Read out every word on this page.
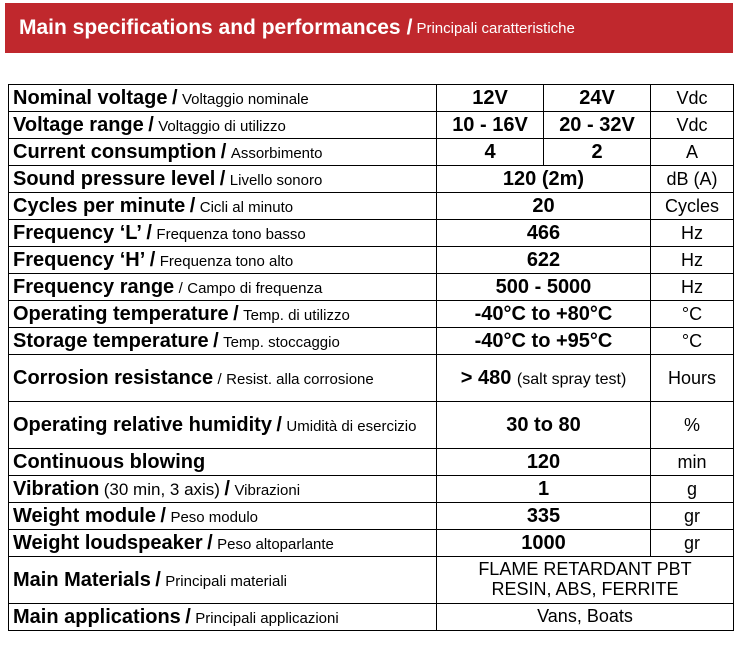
Main specifications and performances / Principali caratteristiche
Nominal voltage / Voltaggio nominale	12V	24V	Vdc
Voltage range / Voltaggio di utilizzo	10 - 16V	20 - 32V	Vdc
Current consumption / Assorbimento	4	2	A
Sound pressure level / Livello sonoro	120 (2m)		dB (A)
Cycles per minute / Cicli al minuto	20		Cycles
Frequency ‘L’ / Frequenza tono basso	466		Hz
Frequency ‘H’ / Frequenza tono alto	622		Hz
Frequency range / Campo di frequenza	500 - 5000		Hz
Operating temperature / Temp. di utilizzo	-40°C to +80°C		°C
Storage temperature / Temp. stoccaggio	-40°C to +95°C		°C
Corrosion resistance / Resist. alla corrosione	> 480 (salt spray test)		Hours
Operating relative humidity / Umidità di esercizio	30 to 80		%
Continuous blowing	120		min
Vibration (30 min, 3 axis) / Vibrazioni	1		g
Weight module / Peso modulo	335		gr
Weight loudspeaker / Peso altoparlante	1000		gr
Main Materials / Principali materiali	FLAME RETARDANT PBT
RESIN, ABS, FERRITE		

Main applications / Principali applicazioni	Vans, Boats		
